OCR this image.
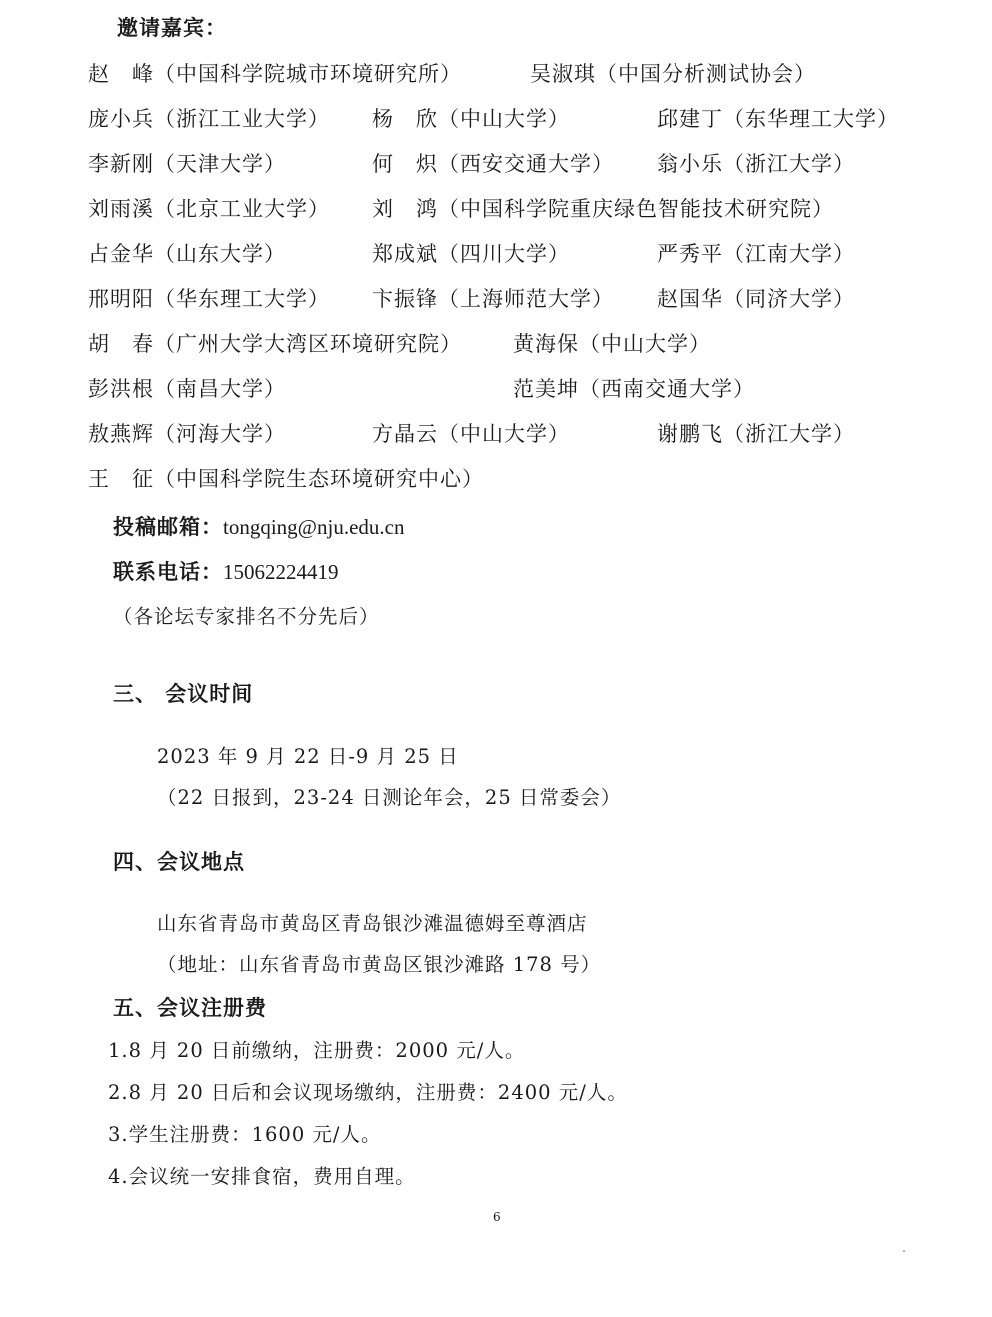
邀请嘉宾：
赵　峰（中国科学院城市环境研究所）	吴淑琪（中国分析测试协会）
庞小兵（浙江工业大学） 杨　欣（中山大学）	邱建丁（东华理工大学）
李新刚（天津大学）	何　炽（西安交通大学） 翁小乐（浙江大学）
刘雨溪（北京工业大学） 刘　鸿（中国科学院重庆绿色智能技术研究院）
占金华（山东大学）	郑成斌（四川大学）	严秀平（江南大学）
邢明阳（华东理工大学） 卞振锋（上海师范大学） 赵国华（同济大学）
胡　春（广州大学大湾区环境研究院） 黄海保（中山大学）
彭洪根（南昌大学）	范美坤（西南交通大学）
敖燕辉（河海大学）	方晶云（中山大学）	谢鹏飞（浙江大学）
王　征（中国科学院生态环境研究中心）
投稿邮箱：tongqing@nju.edu.cn
联系电话：15062224419
（各论坛专家排名不分先后）
三、 会议时间
2023 年 9 月 22 日-9 月 25 日
（22 日报到，23-24 日测论年会，25 日常委会）
四、会议地点
山东省青岛市黄岛区青岛银沙滩温德姆至尊酒店
（地址：山东省青岛市黄岛区银沙滩路 178 号）
五、会议注册费
1.8 月 20 日前缴纳，注册费：2000 元/人。
2.8 月 20 日后和会议现场缴纳，注册费：2400 元/人。
3.学生注册费：1600 元/人。
4.会议统一安排食宿，费用自理。
6
